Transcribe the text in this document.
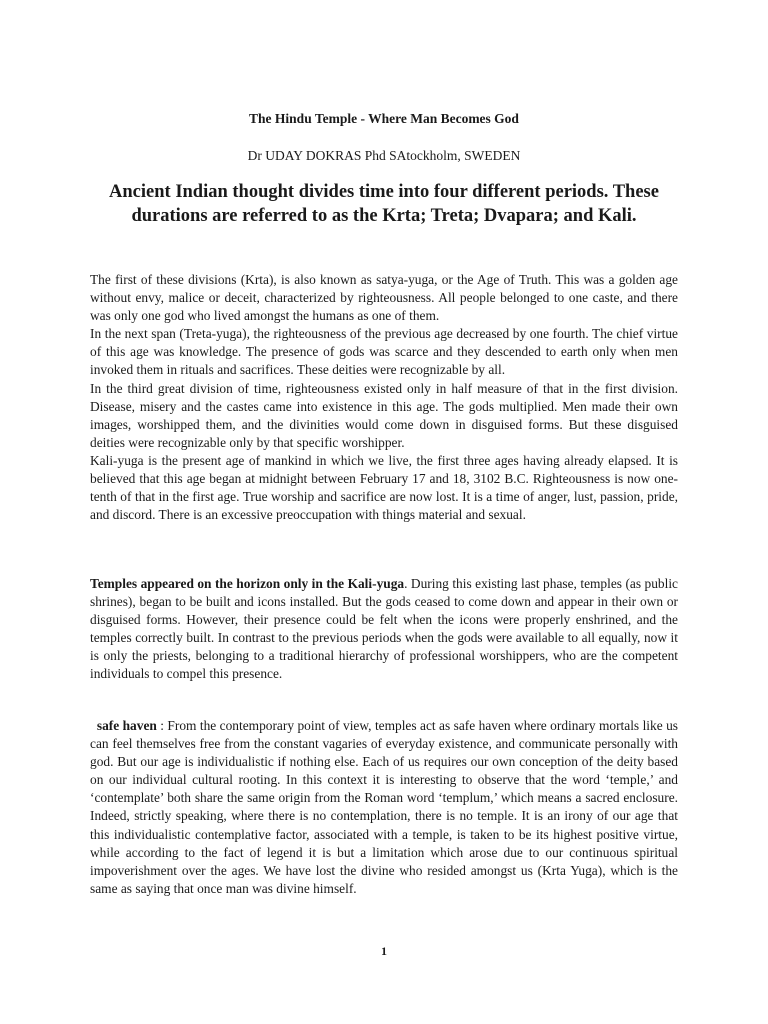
The Hindu Temple - Where Man Becomes God

Dr UDAY DOKRAS Phd SAtockholm, SWEDEN

Ancient Indian thought divides time into four different periods. These durations are referred to as the Krta; Treta; Dvapara; and Kali.

The first of these divisions (Krta), is also known as satya-yuga, or the Age of Truth. This was a golden age without envy, malice or deceit, characterized by righteousness. All people belonged to one caste, and there was only one god who lived amongst the humans as one of them.

In the next span (Treta-yuga), the righteousness of the previous age decreased by one fourth. The chief virtue of this age was knowledge. The presence of gods was scarce and they descended to earth only when men invoked them in rituals and sacrifices. These deities were recognizable by all.

In the third great division of time, righteousness existed only in half measure of that in the first division. Disease, misery and the castes came into existence in this age. The gods multiplied. Men made their own images, worshipped them, and the divinities would come down in disguised forms. But these disguised deities were recognizable only by that specific worshipper.

Kali-yuga is the present age of mankind in which we live, the first three ages having already elapsed. It is believed that this age began at midnight between February 17 and 18, 3102 B.C. Righteousness is now one-tenth of that in the first age. True worship and sacrifice are now lost. It is a time of anger, lust, passion, pride, and discord. There is an excessive preoccupation with things material and sexual.

Temples appeared on the horizon only in the Kali-yuga. During this existing last phase, temples (as public shrines), began to be built and icons installed. But the gods ceased to come down and appear in their own or disguised forms. However, their presence could be felt when the icons were properly enshrined, and the temples correctly built. In contrast to the previous periods when the gods were available to all equally, now it is only the priests, belonging to a traditional hierarchy of professional worshippers, who are the competent individuals to compel this presence.

safe haven : From the contemporary point of view, temples act as safe haven where ordinary mortals like us can feel themselves free from the constant vagaries of everyday existence, and communicate personally with god. But our age is individualistic if nothing else. Each of us requires our own conception of the deity based on our individual cultural rooting. In this context it is interesting to observe that the word ‘temple,’ and ‘contemplate’ both share the same origin from the Roman word ‘templum,’ which means a sacred enclosure. Indeed, strictly speaking, where there is no contemplation, there is no temple. It is an irony of our age that this individualistic contemplative factor, associated with a temple, is taken to be its highest positive virtue, while according to the fact of legend it is but a limitation which arose due to our continuous spiritual impoverishment over the ages. We have lost the divine who resided amongst us (Krta Yuga), which is the same as saying that once man was divine himself.

1
